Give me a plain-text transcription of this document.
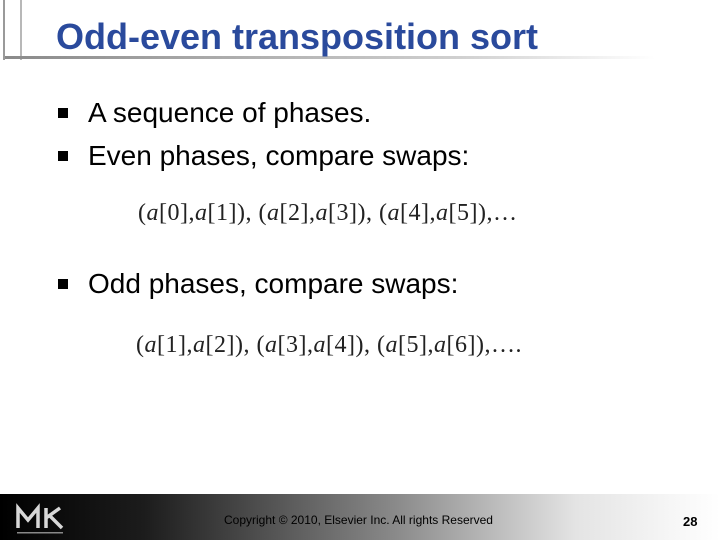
Odd-even transposition sort
A sequence of phases.
Even phases, compare swaps:
(a[0],a[1]), (a[2],a[3]), (a[4],a[5]),…
Odd phases, compare swaps:
(a[1],a[2]), (a[3],a[4]), (a[5],a[6]),….
Copyright © 2010, Elsevier Inc. All rights Reserved	28
